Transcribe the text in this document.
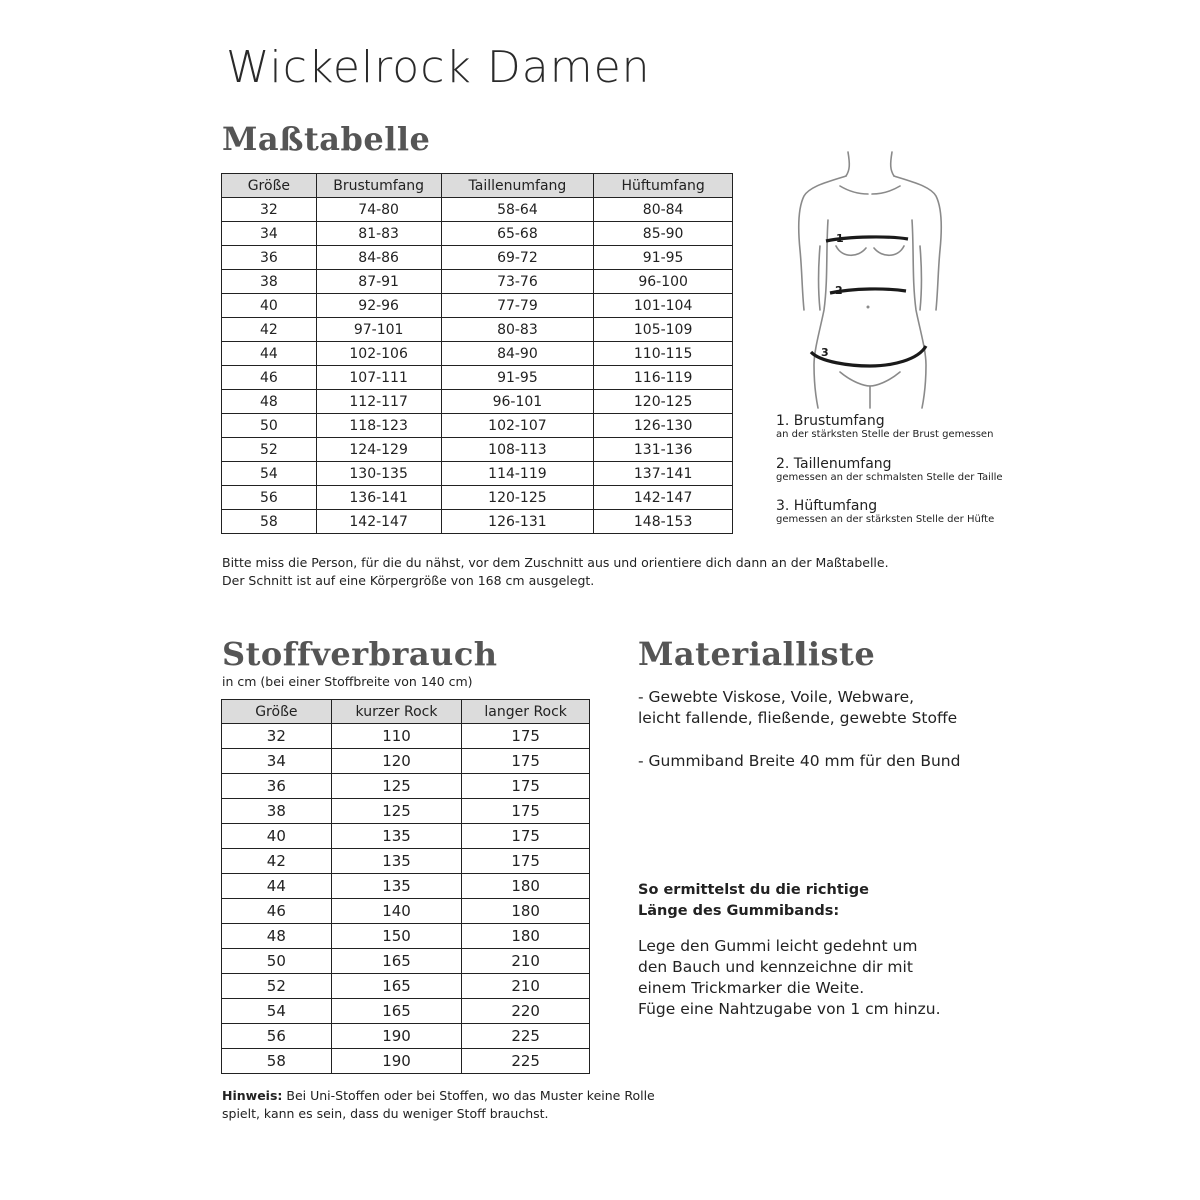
Wickelrock Damen
Maßtabelle
Größe	Brustumfang	Taillenumfang	Hüftumfang
32	74-80	58-64	80-84
34	81-83	65-68	85-90
36	84-86	69-72	91-95
38	87-91	73-76	96-100
40	92-96	77-79	101-104
42	97-101	80-83	105-109
44	102-106	84-90	110-115
46	107-111	91-95	116-119
48	112-117	96-101	120-125
50	118-123	102-107	126-130
52	124-129	108-113	131-136
54	130-135	114-119	137-141
56	136-141	120-125	142-147
58	142-147	126-131	148-153

Bitte miss die Person, für die du nähst, vor dem Zuschnitt aus und orientiere dich dann an der Maßtabelle.

Der Schnitt ist auf eine Körpergröße von 168 cm ausgelegt.

1
2
3
1. Brustumfang
an der stärksten Stelle der Brust gemessen
2. Taillenumfang
gemessen an der schmalsten Stelle der Taille
3. Hüftumfang
gemessen an der stärksten Stelle der Hüfte
Stoffverbrauch

in cm (bei einer Stoffbreite von 140 cm)

Größe	kurzer Rock	langer Rock
32	110	175
34	120	175
36	125	175
38	125	175
40	135	175
42	135	175
44	135	180
46	140	180
48	150	180
50	165	210
52	165	210
54	165	220
56	190	225
58	190	225

Hinweis: Bei Uni-Stoffen oder bei Stoffen, wo das Muster keine Rolle

spielt, kann es sein, dass du weniger Stoff brauchst.

Materialliste

- Gewebte Viskose, Voile, Webware,

leicht fallende, fließende, gewebte Stoffe

- Gummiband Breite 40 mm für den Bund

So ermittelst du die richtige

Länge des Gummibands:

Lege den Gummi leicht gedehnt um

den Bauch und kennzeichne dir mit

einem Trickmarker die Weite.

Füge eine Nahtzugabe von 1 cm hinzu.
